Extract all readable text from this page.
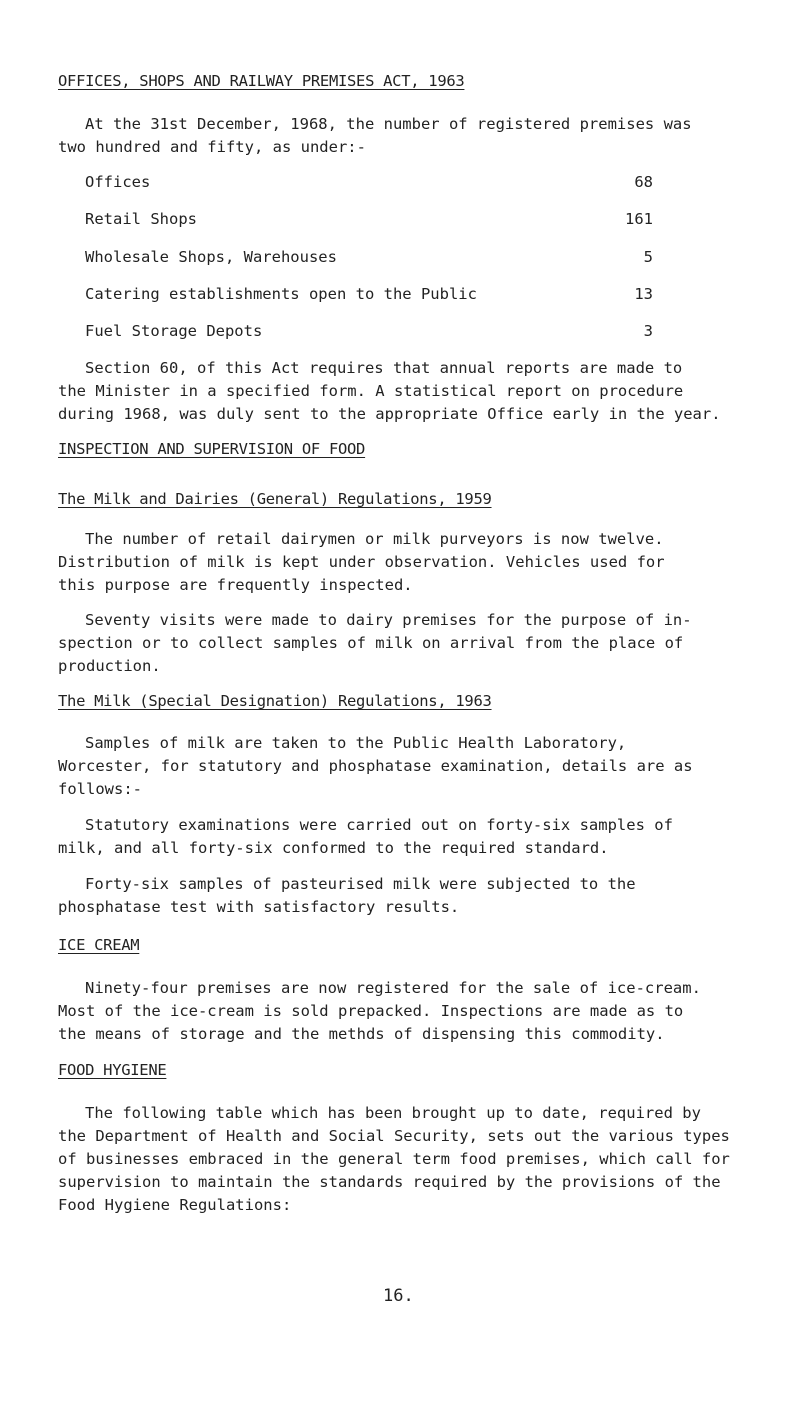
OFFICES, SHOPS AND RAILWAY PREMISES ACT, 1963
At the 31st December, 1968, the number of registered premises was
two hundred and fifty, as under:-
Offices	68
Retail Shops	161
Wholesale Shops, Warehouses	5
Catering establishments open to the Public	13
Fuel Storage Depots	3
Section 60, of this Act requires that annual reports are made to
the Minister in a specified form. A statistical report on procedure
during 1968, was duly sent to the appropriate Office early in the year.
INSPECTION AND SUPERVISION OF FOOD
The Milk and Dairies (General) Regulations, 1959
The number of retail dairymen or milk purveyors is now twelve.
Distribution of milk is kept under observation. Vehicles used for
this purpose are frequently inspected.
Seventy visits were made to dairy premises for the purpose of in-
spection or to collect samples of milk on arrival from the place of
production.
The Milk (Special Designation) Regulations, 1963
Samples of milk are taken to the Public Health Laboratory,
Worcester, for statutory and phosphatase examination, details are as
follows:-
Statutory examinations were carried out on forty-six samples of
milk, and all forty-six conformed to the required standard.
Forty-six samples of pasteurised milk were subjected to the
phosphatase test with satisfactory results.
ICE CREAM
Ninety-four premises are now registered for the sale of ice-cream.
Most of the ice-cream is sold prepacked. Inspections are made as to
the means of storage and the methds of dispensing this commodity.
FOOD HYGIENE
The following table which has been brought up to date, required by
the Department of Health and Social Security, sets out the various types
of businesses embraced in the general term food premises, which call for
supervision to maintain the standards required by the provisions of the
Food Hygiene Regulations:
16.
